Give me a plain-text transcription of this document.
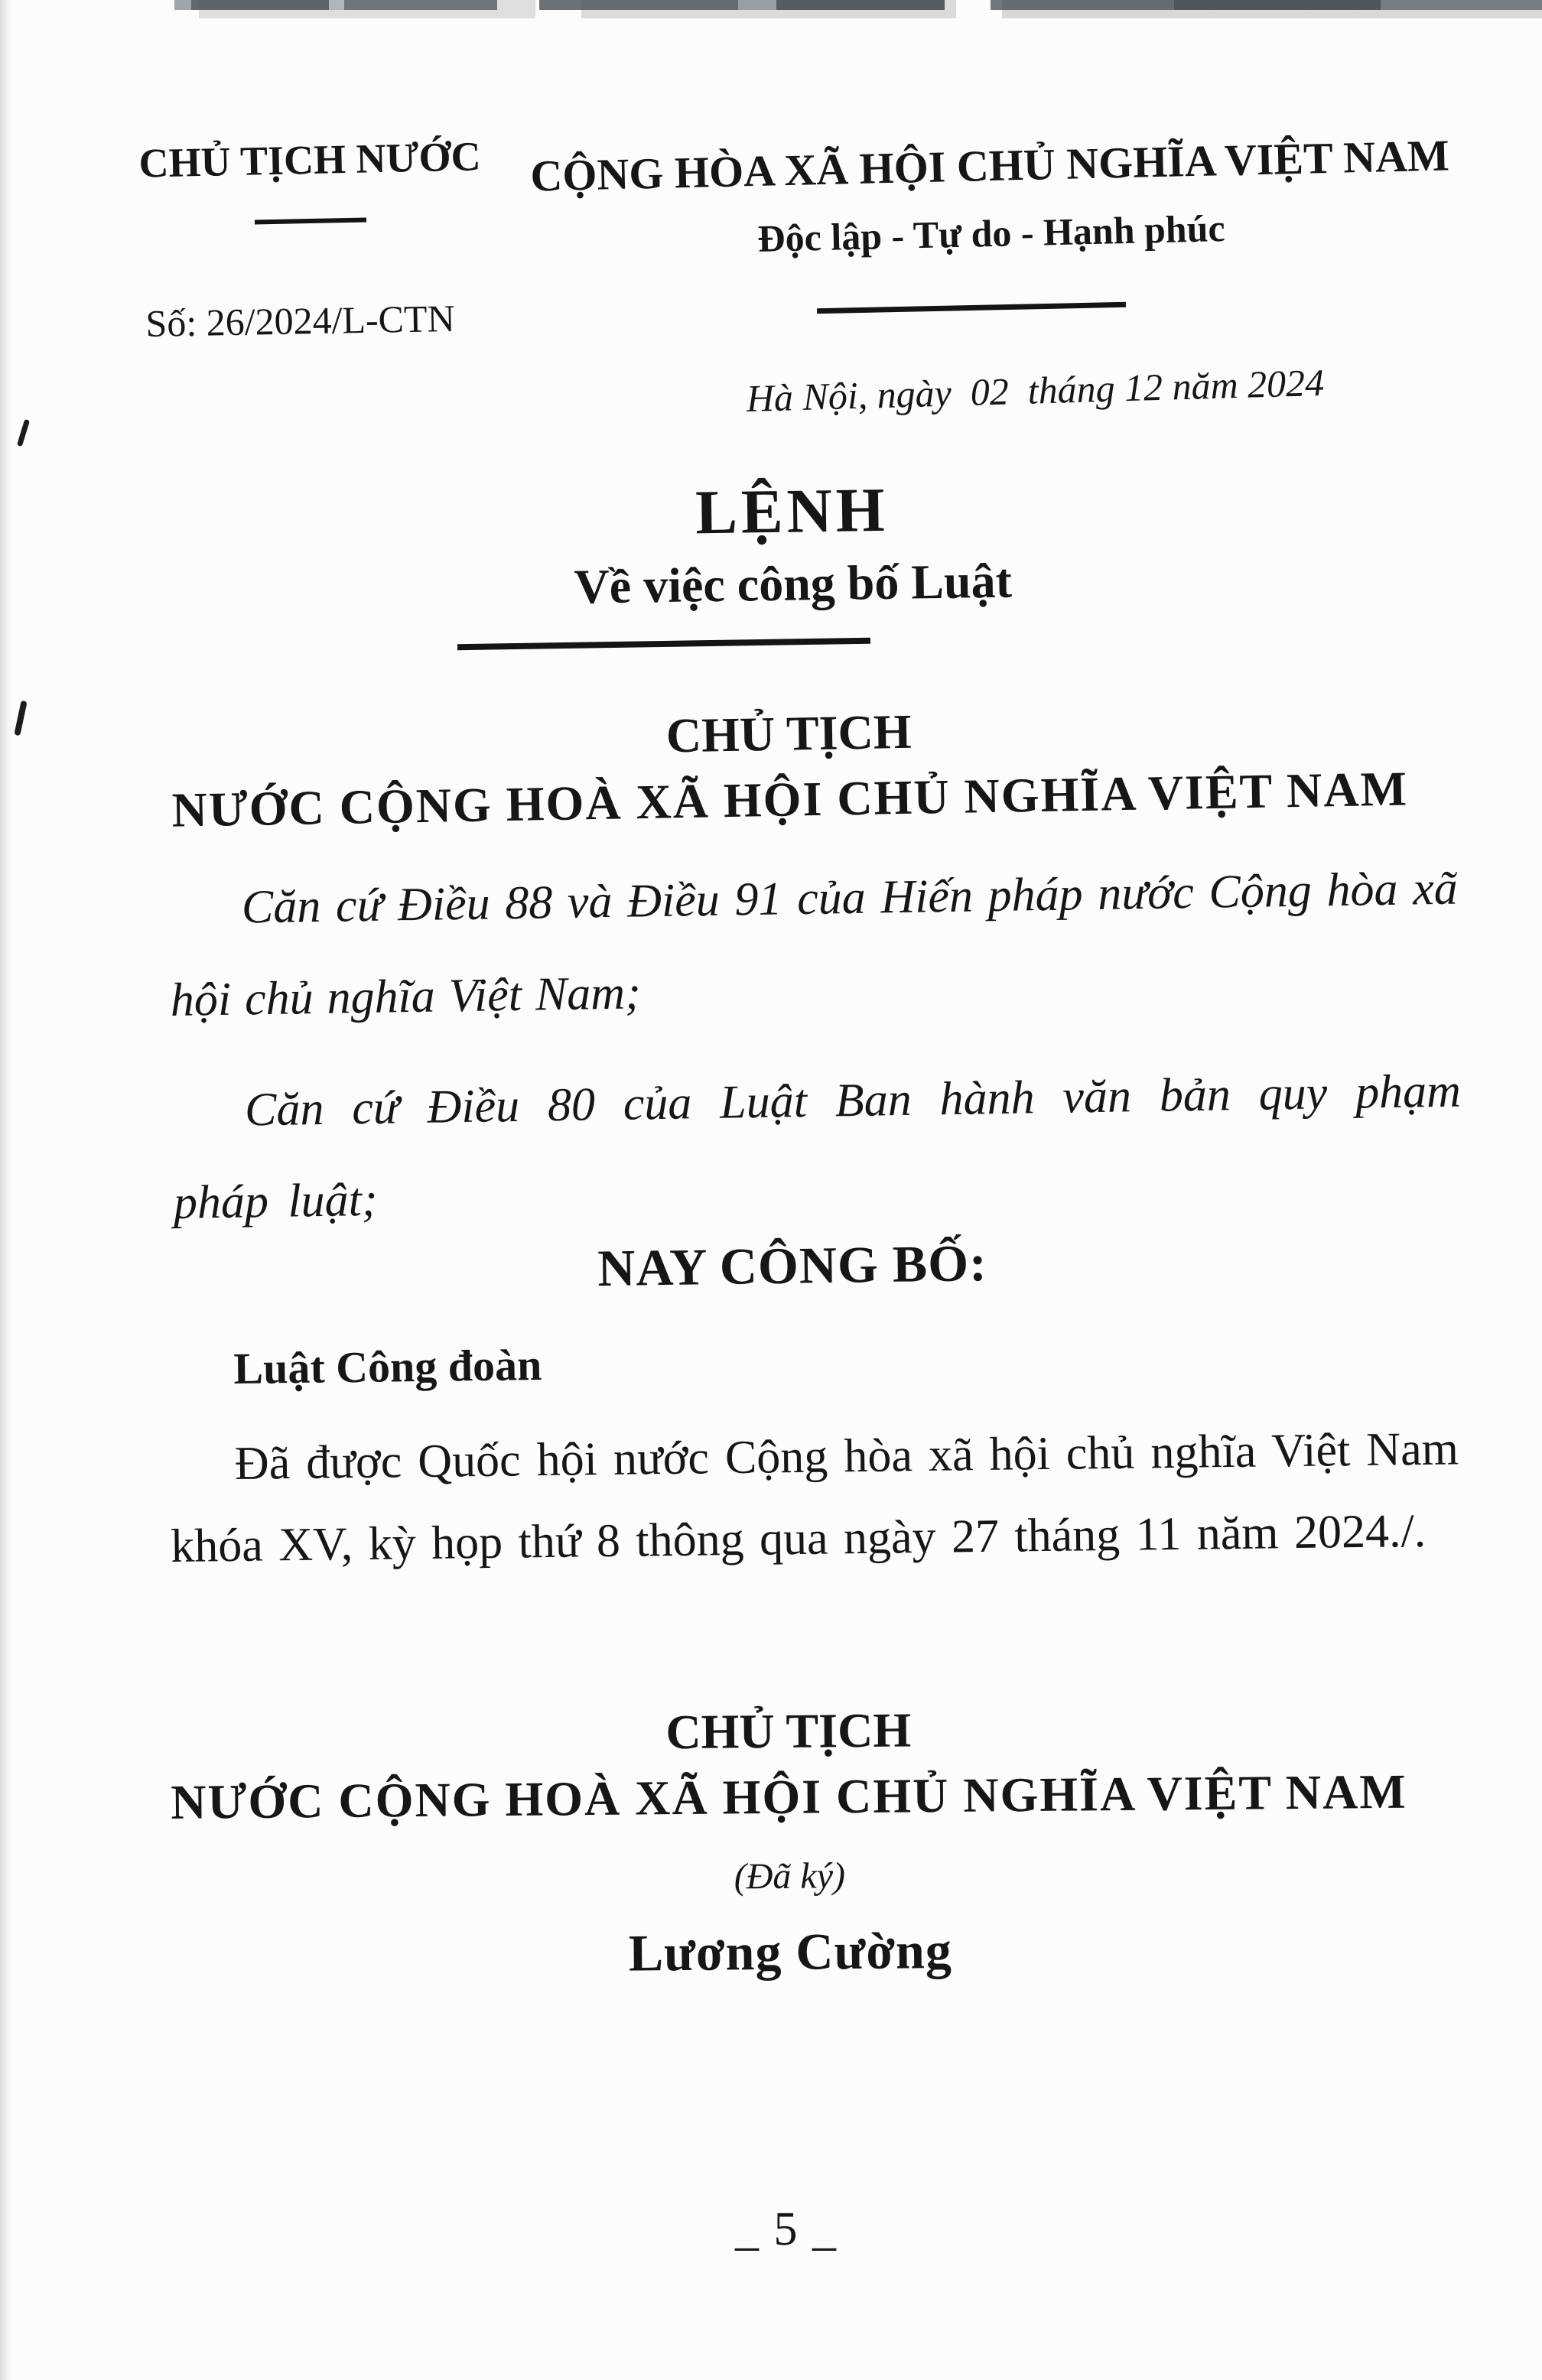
CHỦ TỊCH NƯỚC
Số: 26/2024/L-CTN
CỘNG HÒA XÃ HỘI CHỦ NGHĨA VIỆT NAM
Độc lập - Tự do - Hạnh phúc
Hà Nội, ngày  02  tháng 12 năm 2024
LỆNH
Về việc công bố Luật
CHỦ TỊCH
NƯỚC CỘNG HOÀ XÃ HỘI CHỦ NGHĨA VIỆT NAM

Căn cứ Điều 88 và Điều 91 của Hiến pháp nước Cộng hòa xã hội chủ nghĩa Việt Nam;

Căn cứ Điều 80 của Luật Ban hành văn bản quy phạm pháp luật;

NAY CÔNG BỐ:

Luật Công đoàn

Đã được Quốc hội nước Cộng hòa xã hội chủ nghĩa Việt Nam khóa XV, kỳ họp thứ 8 thông qua ngày 27 tháng 11 năm 2024./.

CHỦ TỊCH
NƯỚC CỘNG HOÀ XÃ HỘI CHỦ NGHĨA VIỆT NAM
(Đã ký)
Lương Cường
_ 5 _
